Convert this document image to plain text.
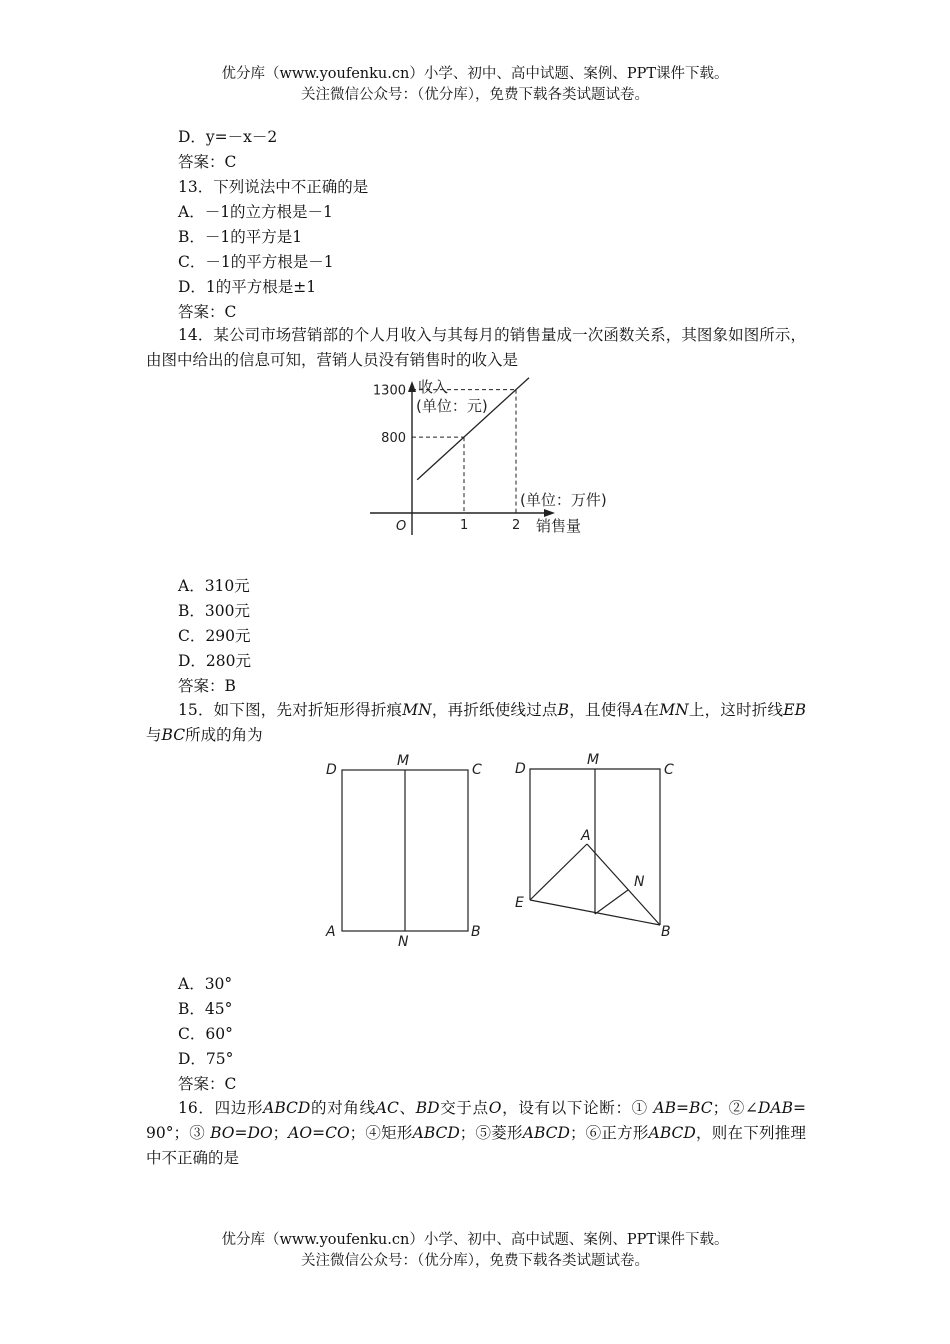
优分库（www.youfenku.cn）小学、初中、高中试题、案例、PPT课件下载。
关注微信公众号：（优分库），免费下载各类试题试卷。
D．y=－x－2
答案：C
13．下列说法中不正确的是
A．－1的立方根是－1
B．－1的平方是1
C．－1的平方根是－1
D．1的平方根是±1
答案：C
14．某公司市场营销部的个人月收入与其每月的销售量成一次函数关系，其图象如图所示，由图中给出的信息可知，营销人员没有销售时的收入是
1	2
800
1300
O
收入
(单位：元)
(单位：万件)
销售量
A．310元
B．300元
C．290元
D．280元
答案：B
15．如下图，先对折矩形得折痕MN，再折纸使线过点B，且使得A在MN上，这时折线EB与BC所成的角为
D
M
C
A
N
B
D
M
C
A
N
E
B
A．30°
B．45°
C．60°
D．75°
答案：C
16．四边形ABCD的对角线AC、BD交于点O，设有以下论断：① AB=BC；②∠DAB=　　90°；③ BO=DO；AO=CO；④矩形ABCD；⑤菱形ABCD；⑥正方形ABCD，则在下列推理中不正确的是
优分库（www.youfenku.cn）小学、初中、高中试题、案例、PPT课件下载。
关注微信公众号：（优分库），免费下载各类试题试卷。
